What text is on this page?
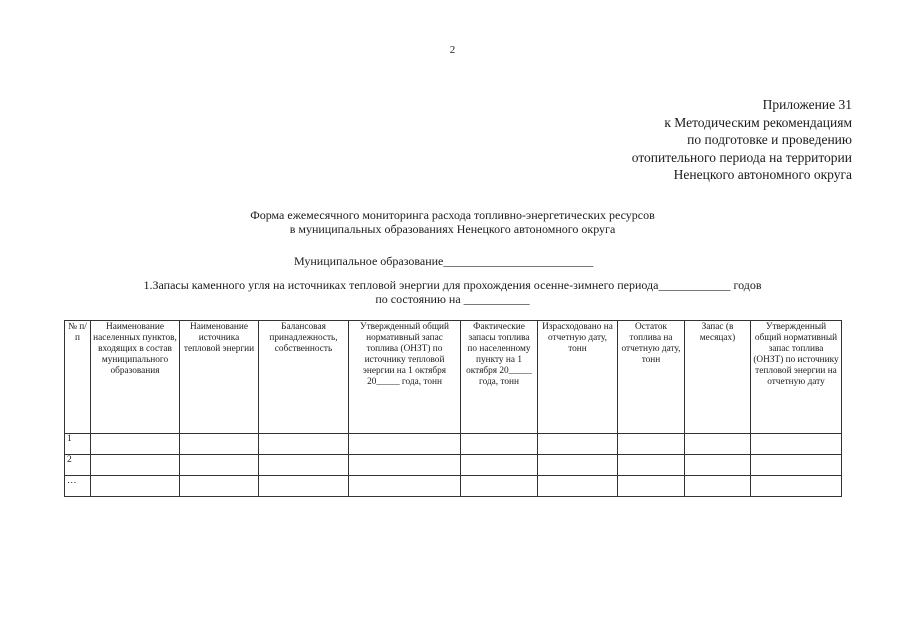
2
Приложение 31
к Методическим рекомендациям
по подготовке и проведению
отопительного периода на территории
Ненецкого автономного округа
Форма ежемесячного мониторинга расхода топливно-энергетических ресурсов
в муниципальных образованиях Ненецкого автономного округа
Муниципальное образование_________________________
1.Запасы каменного угля на источниках тепловой энергии для прохождения осенне-зимнего периода____________ годов
по состоянию на ___________
№ п/п	Наименование населенных пунктов, входящих в состав муниципального образования	Наименование источника тепловой энергии	Балансовая принадлежность, собственность	Утвержденный общий нормативный запас топлива (ОНЗТ) по источнику тепловой энергии на 1 октября 20_____ года, тонн	Фактические запасы топлива по населенному пункту на 1 октября 20_____ года, тонн	Израсходовано на отчетную дату, тонн	Остаток топлива на отчетную дату, тонн	Запас (в месяцах)	Утвержденный общий нормативный запас топлива (ОНЗТ) по источнику тепловой энергии на отчетную дату
1									
2									
…									
